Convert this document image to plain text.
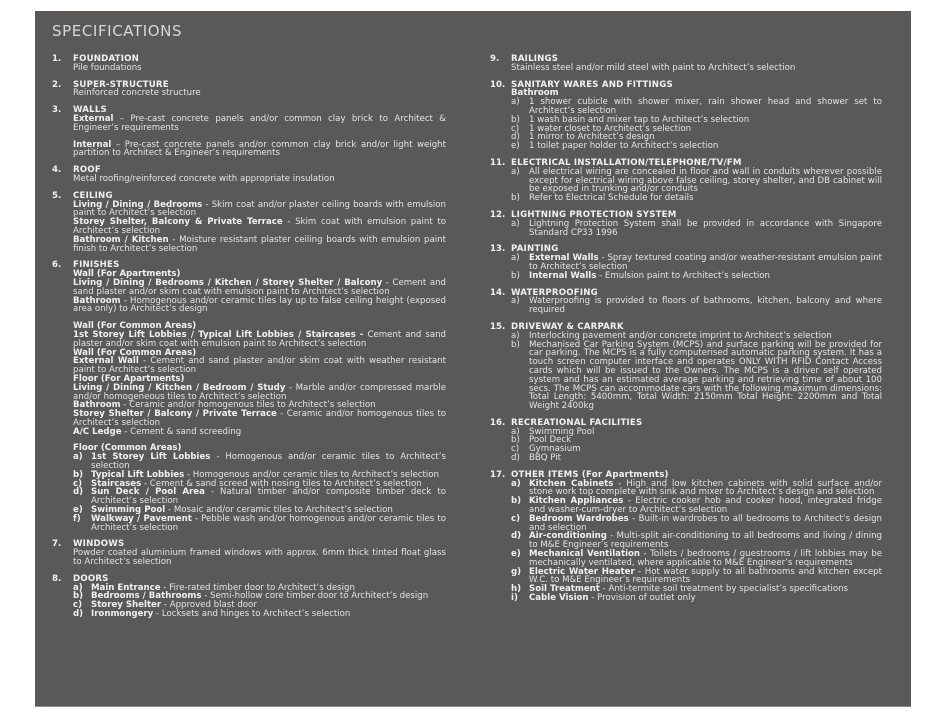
SPECIFICATIONS
1. FOUNDATION
Pile foundations
2. SUPER-STRUCTURE
Reinforced concrete structure
3. WALLS
External – Pre-cast concrete panels and/or common clay brick to Architect & Engineer’s requirements
Internal – Pre-cast concrete panels and/or common clay brick and/or light weight partition to Architect & Engineer’s requirements
4. ROOF
Metal roofing/reinforced concrete with appropriate insulation
5. CEILING
Living / Dining / Bedrooms - Skim coat and/or plaster ceiling boards with emulsion paint to Architect’s selection
Storey Shelter, Balcony & Private Terrace - Skim coat with emulsion paint to Architect’s selection
Bathroom / Kitchen - Moisture resistant plaster ceiling boards with emulsion paint finish to Architect’s selection
6. FINISHES
Wall (For Apartments)
Living / Dining / Bedrooms / Kitchen / Storey Shelter / Balcony - Cement and sand plaster and/or skim coat with emulsion paint to Architect’s selection
Bathroom - Homogenous and/or ceramic tiles lay up to false ceiling height (exposed area only) to Architect’s design
Wall (For Common Areas)
1st Storey Lift Lobbies / Typical Lift Lobbies / Staircases - Cement and sand plaster and/or skim coat with emulsion paint to Architect’s selection
Wall (For Common Areas)
External Wall - Cement and sand plaster and/or skim coat with weather resistant paint to Architect’s selection
Floor (For Apartments)
Living / Dining / Kitchen / Bedroom / Study - Marble and/or compressed marble and/or homogeneous tiles to Architect’s selection
Bathroom - Ceramic and/or homogenous tiles to Architect’s selection
Storey Shelter / Balcony / Private Terrace - Ceramic and/or homogenous tiles to Architect’s selection
A/C Ledge - Cement & sand screeding
Floor (Common Areas)
a) 1st Storey Lift Lobbies - Homogenous and/or ceramic tiles to Architect’s selection
b) Typical Lift Lobbies - Homogenous and/or ceramic tiles to Architect’s selection
c) Staircases - Cement & sand screed with nosing tiles to Architect’s selection
d) Sun Deck / Pool Area - Natural timber and/or composite timber deck to Architect’s selection
e) Swimming Pool - Mosaic and/or ceramic tiles to Architect’s selection
f) Walkway / Pavement - Pebble wash and/or homogenous and/or ceramic tiles to Architect’s selection
7. WINDOWS
Powder coated aluminium framed windows with approx. 6mm thick tinted float glass to Architect’s selection
8. DOORS
a) Main Entrance - Fire-rated timber door to Architect’s design
b) Bedrooms / Bathrooms - Semi-hollow core timber door to Architect’s design
c) Storey Shelter - Approved blast door
d) Ironmongery - Locksets and hinges to Architect’s selection
9. RAILINGS
Stainless steel and/or mild steel with paint to Architect’s selection
10. SANITARY WARES AND FITTINGS
Bathroom
a) 1 shower cubicle with shower mixer, rain shower head and shower set to Architect’s selection
b) 1 wash basin and mixer tap to Architect’s selection
c) 1 water closet to Architect’s selection
d) 1 mirror to Architect’s design
e) 1 toilet paper holder to Architect’s selection
11. ELECTRICAL INSTALLATION/TELEPHONE/TV/FM
a) All electrical wiring are concealed in floor and wall in conduits wherever possible except for electrical wiring above false ceiling, storey shelter, and DB cabinet will be exposed in trunking and/or conduits
b) Refer to Electrical Schedule for details
12. LIGHTNING PROTECTION SYSTEM
a) Lightning Protection System shall be provided in accordance with Singapore Standard CP33 1996
13. PAINTING
a) External Walls - Spray textured coating and/or weather-resistant emulsion paint to Architect’s selection
b) Internal Walls - Emulsion paint to Architect’s selection
14. WATERPROOFING
a) Waterproofing is provided to floors of bathrooms, kitchen, balcony and where required
15. DRIVEWAY & CARPARK
a) Interlocking pavement and/or concrete imprint to Architect’s selection
b) Mechanised Car Parking System (MCPS) and surface parking will be provided for car parking. The MCPS is a fully computerised automatic parking system. It has a touch screen computer interface and operates ONLY WITH RFID Contact Access cards which will be issued to the Owners. The MCPS is a driver self operated system and has an estimated average parking and retrieving time of about 100 secs. The MCPS can accommodate cars with the following maximum dimensions: Total Length: 5400mm, Total Width: 2150mm Total Height: 2200mm and Total Weight 2400kg
16. RECREATIONAL FACILITIES
a) Swimming Pool
b) Pool Deck
c) Gymnasium
d) BBQ Pit
17. OTHER ITEMS (For Apartments)
a) Kitchen Cabinets - High and low kitchen cabinets with solid surface and/or stone work top complete with sink and mixer to Architect’s design and selection
b) Kitchen Appliances - Electric cooker hob and cooker hood, integrated fridge and washer-cum-dryer to Architect’s selection
c) Bedroom Wardrobes - Built-in wardrobes to all bedrooms to Architect’s design and selection
d) Air-conditioning - Multi-split air-conditioning to all bedrooms and living / dining to M&E Engineer’s requirements
e) Mechanical Ventilation - Toilets / bedrooms / guestrooms / lift lobbies may be mechanically ventilated, where applicable to M&E Engineer’s requirements
g) Electric Water Heater - Hot water supply to all bathrooms and kitchen except W.C. to M&E Engineer’s requirements
h) Soil Treatment - Anti-termite soil treatment by specialist’s specifications
i) Cable Vision - Provision of outlet only
